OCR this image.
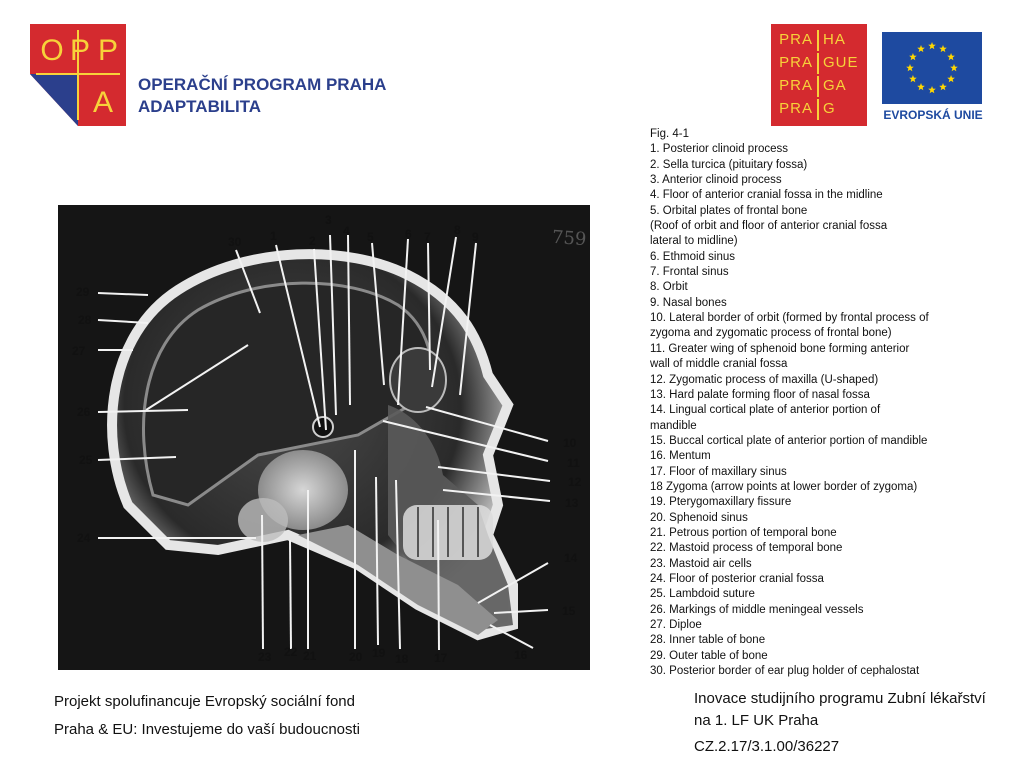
O P P
A
OPERAČNÍ PROGRAM PRAHA
ADAPTABILITA
PRA HA
PRA GUE
PRA GA
PRA G	EVROPSKÁ UNIE
759
30 1	2
3
4 5	6 7 8 9
10
11
12
13
14
15
16
17
19 18
20
21
22
23
24
25
26
27
28
29
Fig. 4-1
1. Posterior clinoid process
2. Sella turcica (pituitary fossa)
3. Anterior clinoid process
4. Floor of anterior cranial fossa in the midline
5. Orbital plates of frontal bone
(Roof of orbit and floor of anterior cranial fossa
lateral to midline)
6. Ethmoid sinus
7. Frontal sinus
8. Orbit
9. Nasal bones
10. Lateral border of orbit (formed by frontal process of
zygoma and zygomatic process of frontal bone)
11. Greater wing of sphenoid bone forming anterior
wall of middle cranial fossa
12. Zygomatic process of maxilla (U-shaped)
13. Hard palate forming floor of nasal fossa
14. Lingual cortical plate of anterior portion of
mandible
15. Buccal cortical plate of anterior portion of mandible
16. Mentum
17. Floor of maxillary sinus
18 Zygoma (arrow points at lower border of zygoma)
19. Pterygomaxillary fissure
20. Sphenoid sinus
21. Petrous portion of temporal bone
22. Mastoid process of temporal bone
23. Mastoid air cells
24. Floor of posterior cranial fossa
25. Lambdoid suture
26. Markings of middle meningeal vessels
27. Diploe
28. Inner table of bone
29. Outer table of bone
30. Posterior border of ear plug holder of cephalostat
Projekt spolufinancuje Evropský sociální fond
Praha & EU: Investujeme do vaší budoucnosti
Inovace studijního programu Zubní lékařství
na 1. LF UK Praha
CZ.2.17/3.1.00/36227
